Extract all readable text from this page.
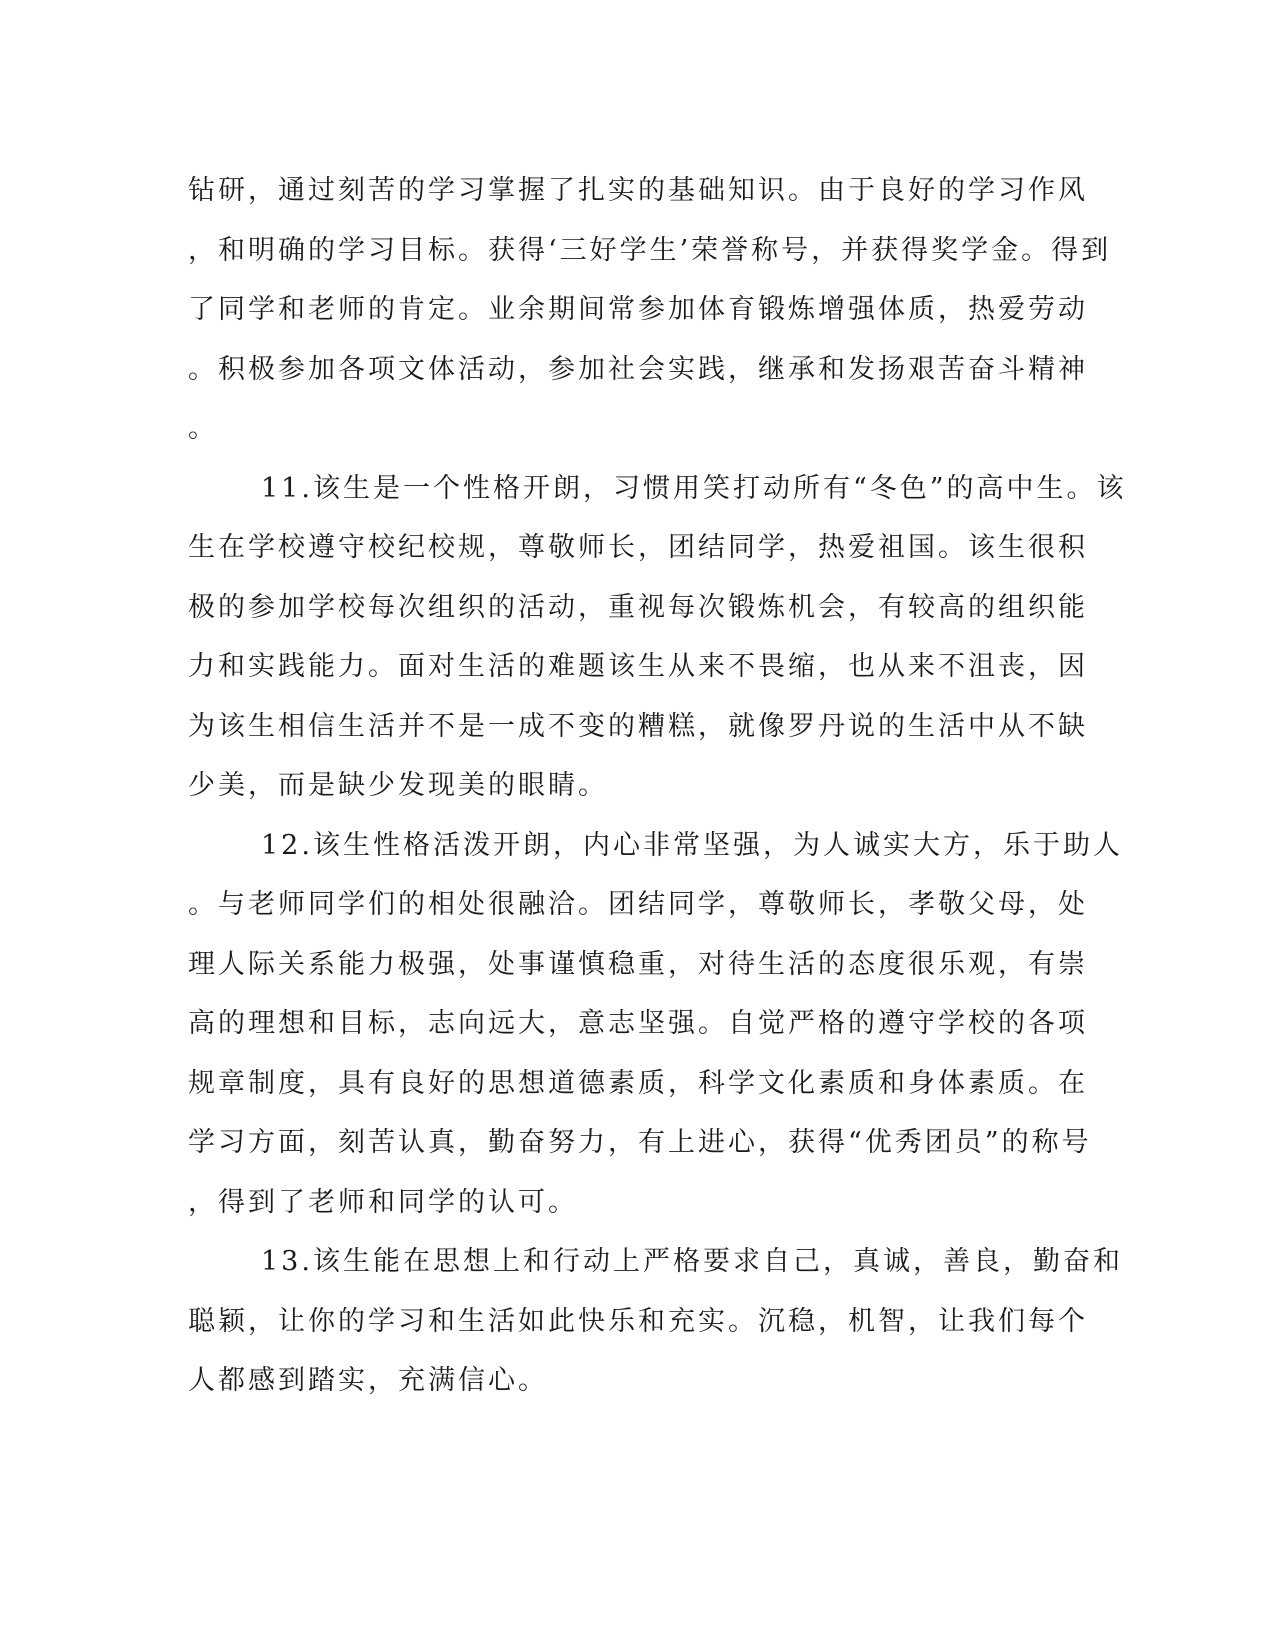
钻研，通过刻苦的学习掌握了扎实的基础知识。由于良好的学习作风
，和明确的学习目标。获得‘三好学生’荣誉称号，并获得奖学金。得到
了同学和老师的肯定。业余期间常参加体育锻炼增强体质，热爱劳动
。积极参加各项文体活动，参加社会实践，继承和发扬艰苦奋斗精神
。
11.该生是一个性格开朗，习惯用笑打动所有“冬色”的高中生。该
生在学校遵守校纪校规，尊敬师长，团结同学，热爱祖国。该生很积
极的参加学校每次组织的活动，重视每次锻炼机会，有较高的组织能
力和实践能力。面对生活的难题该生从来不畏缩，也从来不沮丧，因
为该生相信生活并不是一成不变的糟糕，就像罗丹说的生活中从不缺
少美，而是缺少发现美的眼睛。
12.该生性格活泼开朗，内心非常坚强，为人诚实大方，乐于助人
。与老师同学们的相处很融洽。团结同学，尊敬师长，孝敬父母，处
理人际关系能力极强，处事谨慎稳重，对待生活的态度很乐观，有崇
高的理想和目标，志向远大，意志坚强。自觉严格的遵守学校的各项
规章制度，具有良好的思想道德素质，科学文化素质和身体素质。在
学习方面，刻苦认真，勤奋努力，有上进心，获得“优秀团员”的称号
，得到了老师和同学的认可。
13.该生能在思想上和行动上严格要求自己，真诚，善良，勤奋和
聪颖，让你的学习和生活如此快乐和充实。沉稳，机智，让我们每个
人都感到踏实，充满信心。
